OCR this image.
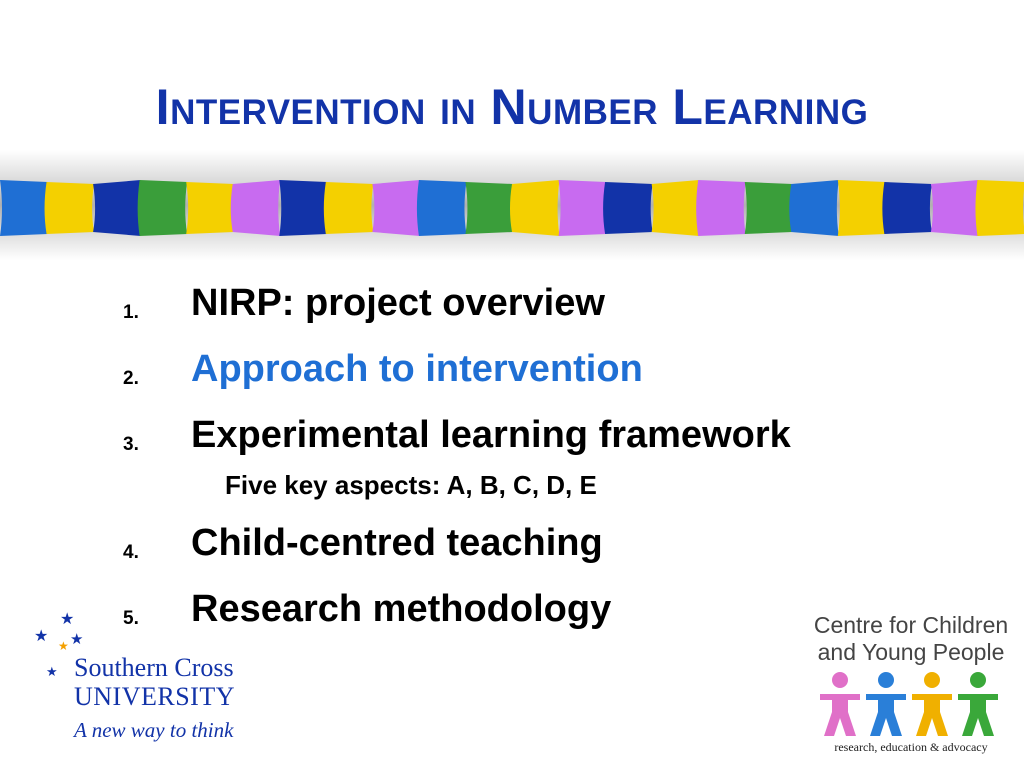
Intervention in Number Learning
1.	NIRP: project overview
2.	Approach to intervention
3.	Experimental learning framework
Five key aspects: A, B, C, D, E
4.	Child-centred teaching
5.	Research methodology
★
★ ★
★
★ Southern Cross
UNIVERSITY
A new way to think
Centre for Children
and Young People
research, education & advocacy
